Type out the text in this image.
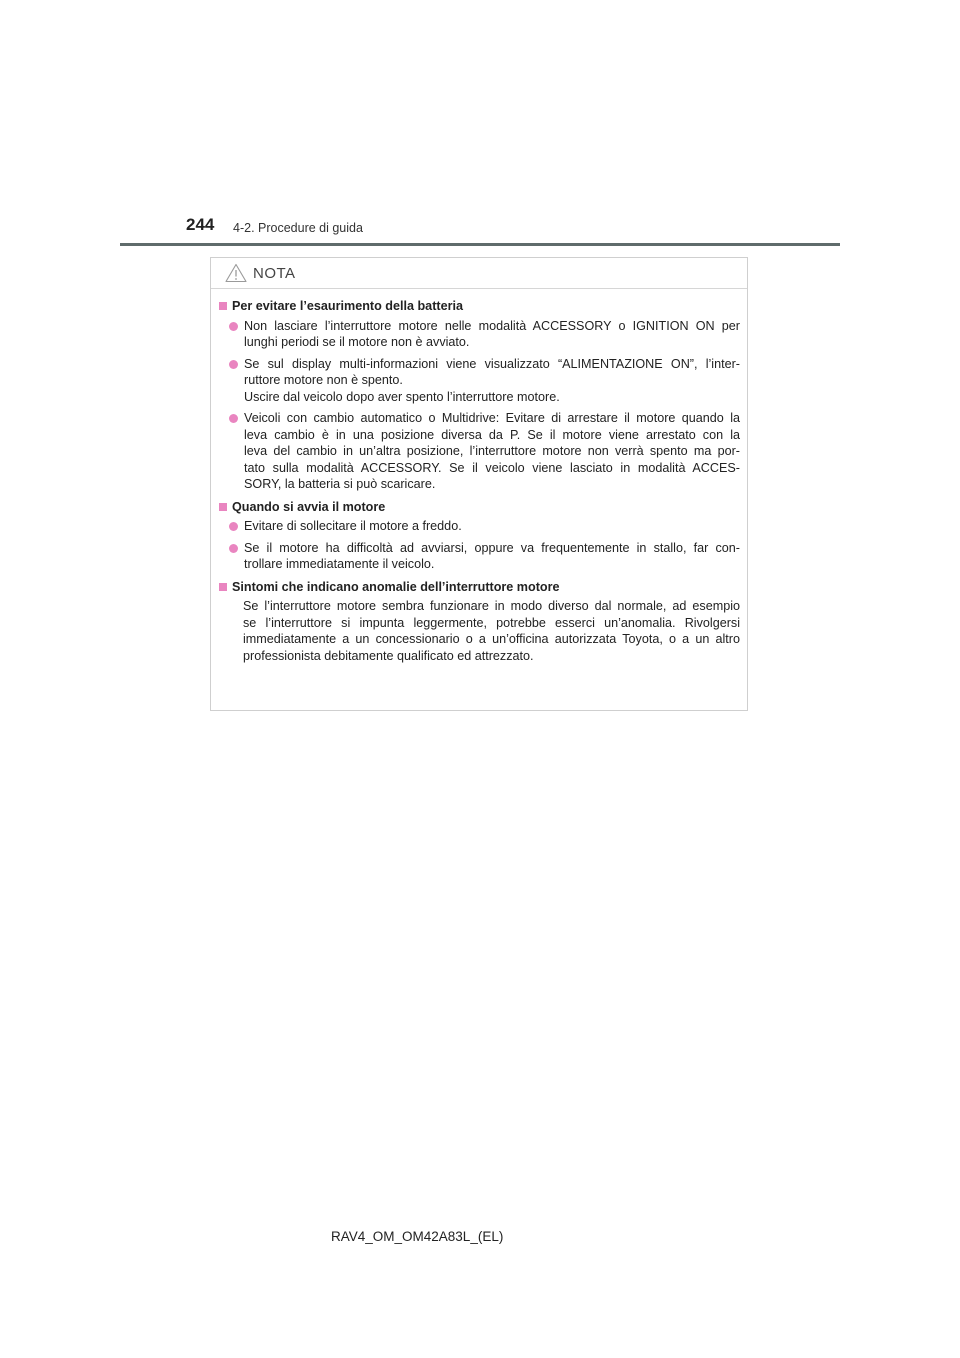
244 4-2. Procedure di guida
NOTA
Per evitare l’esaurimento della batteria
Non lasciare l’interruttore motore nelle modalità ACCESSORY o IGNITION ON per
lunghi periodi se il motore non è avviato.
Se sul display multi-informazioni viene visualizzato “ALIMENTAZIONE ON”, l’inter-
ruttore motore non è spento.
Uscire dal veicolo dopo aver spento l’interruttore motore.
Veicoli con cambio automatico o Multidrive: Evitare di arrestare il motore quando la
leva cambio è in una posizione diversa da P. Se il motore viene arrestato con la
leva del cambio in un’altra posizione, l’interruttore motore non verrà spento ma por-
tato sulla modalità ACCESSORY. Se il veicolo viene lasciato in modalità ACCES-
SORY, la batteria si può scaricare.
Quando si avvia il motore
Evitare di sollecitare il motore a freddo.
Se il motore ha difficoltà ad avviarsi, oppure va frequentemente in stallo, far con-
trollare immediatamente il veicolo.
Sintomi che indicano anomalie dell’interruttore motore
Se l’interruttore motore sembra funzionare in modo diverso dal normale, ad esempio
se l’interruttore si impunta leggermente, potrebbe esserci un’anomalia. Rivolgersi
immediatamente a un concessionario o a un’officina autorizzata Toyota, o a un altro
professionista debitamente qualificato ed attrezzato.
RAV4_OM_OM42A83L_(EL)
